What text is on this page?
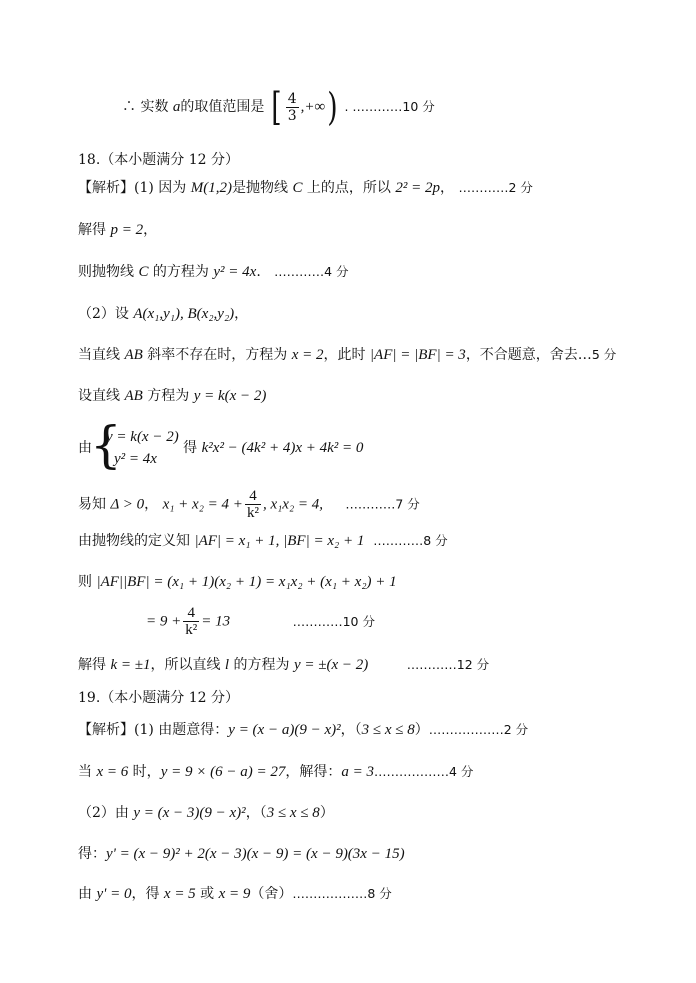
∴ 实数 a的取值范围是 [ $\frac{4}{3}$ ,+∞) . …………10 分
18.（本小题满分 12 分）
【解析】(1) 因为 M(1,2)是抛物线 C 上的点，所以 2² = 2p， …………2 分
解得 p = 2，
则抛物线 C 的方程为 y² = 4x. …………4 分
（2）设 A(x₁,y₁), B(x₂,y₂)，
当直线 AB 斜率不存在时，方程为 x = 2，此时 |AF| = |BF| = 3，不合题意，舍去…5 分
设直线 AB 方程为 y = k(x − 2)
由
{
y = k(x − 2)
y² = 4x
得 k²x² − (4k² + 4)x + 4k² = 0
易知 Δ > 0， $x_1 + x_2 = 4 + \frac{4}{\text{k²}}$ , x₁x₂ = 4, …………7 分
由抛物线的定义知 |AF| = x₁ + 1, |BF| = x₂ + 1 …………8 分
则 |AF||BF| = (x₁ + 1)(x₂ + 1) = x₁x₂ + (x₁ + x₂) + 1
= $9 + \frac{4}{\text{k²}} = 13$	…………10 分
解得 k = ±1，所以直线 l 的方程为 y = ±(x − 2)	…………12 分
19.（本小题满分 12 分）
【解析】(1) 由题意得：y = (x − a)(9 − x)²，（3 ≤ x ≤ 8）………………2 分
当 x = 6 时，y = 9 × (6 − a) = 27，解得：a = 3………………4 分
（2）由 y = (x − 3)(9 − x)²，（3 ≤ x ≤ 8）
得：y' = (x − 9)² + 2(x − 3)(x − 9) = (x − 9)(3x − 15)
由 y' = 0，得 x = 5 或 x = 9（舍）………………8 分
